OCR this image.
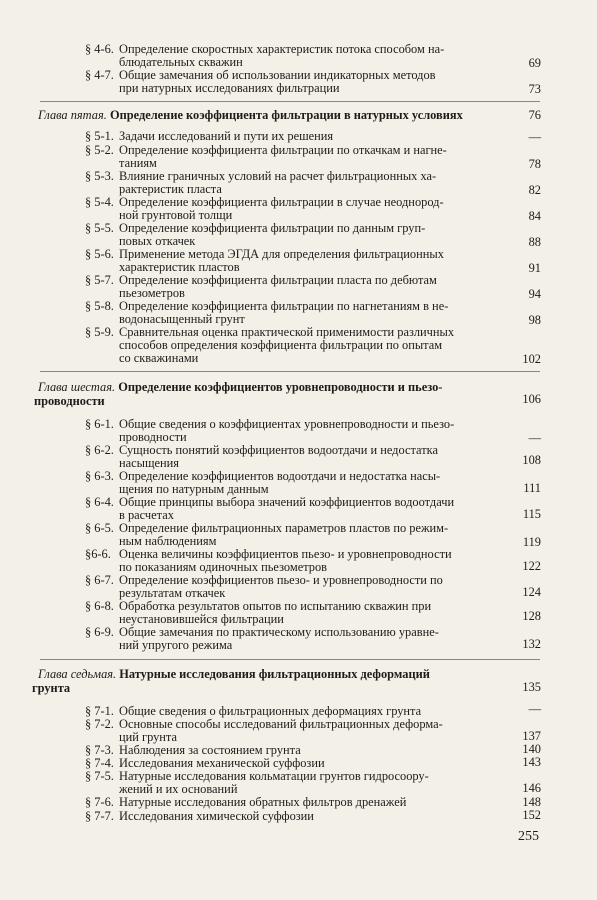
§ 4-6. Определение скоростных характеристик потока способом на-
блюдательных скважин	69
§ 4-7. Общие замечания об использовании индикаторных методов
при натурных исследованиях фильтрации	73
Глава пятая. Определение коэффициента фильтрации в натурных условиях	76
§ 5-1. Задачи исследований и пути их решения	—
§ 5-2. Определение коэффициента фильтрации по откачкам и нагне-
таниям	78
§ 5-3. Влияние граничных условий на расчет фильтрационных ха-
рактеристик пласта	82
§ 5-4. Определение коэффициента фильтрации в случае неоднород-
ной грунтовой толщи	84
§ 5-5. Определение коэффициента фильтрации по данным груп-
повых откачек	88
§ 5-6. Применение метода ЭГДА для определения фильтрационных
характеристик пластов	91
§ 5-7. Определение коэффициента фильтрации пласта по дебютам
пьезометров	94
§ 5-8. Определение коэффициента фильтрации по нагнетаниям в не-
водонасыщенный грунт	98
§ 5-9. Сравнительная оценка практической применимости различных
способов определения коэффициента фильтрации по опытам
со скважинами	102
Глава шестая. Определение коэффициентов уровнепроводности и пьезо-
проводности	106
§ 6-1. Общие сведения о коэффициентах уровнепроводности и пьезо-
проводности	—
§ 6-2. Сущность понятий коэффициентов водоотдачи и недостатка
насыщения	108
§ 6-3. Определение коэффициентов водоотдачи и недостатка насы-
щения по натурным данным	111
§ 6-4. Общие принципы выбора значений коэффициентов водоотдачи
в расчетах	115
§ 6-5. Определение фильтрационных параметров пластов по режим-
ным наблюдениям	119
§6-6. Оценка величины коэффициентов пьезо- и уровнепроводности
по показаниям одиночных пьезометров	122
§ 6-7. Определение коэффициентов пьезо- и уровнепроводности по
результатам откачек	124
§ 6-8. Обработка результатов опытов по испытанию скважин при
неустановившейся фильтрации	128
§ 6-9. Общие замечания по практическому использованию уравне-
ний упругого режима	132
Глава седьмая. Натурные исследования фильтрационных деформаций
грунта	135
§ 7-1. Общие сведения о фильтрационных деформациях грунта	—
§ 7-2. Основные способы исследований фильтрационных деформа-
ций грунта	137
§ 7-3. Наблюдения за состоянием грунта	140
§ 7-4. Исследования механической суффозии	143
§ 7-5. Натурные исследования кольматации грунтов гидросоору-
жений и их оснований	146
§ 7-6. Натурные исследования обратных фильтров дренажей	148
§ 7-7. Исследования химической суффозии	152
255
